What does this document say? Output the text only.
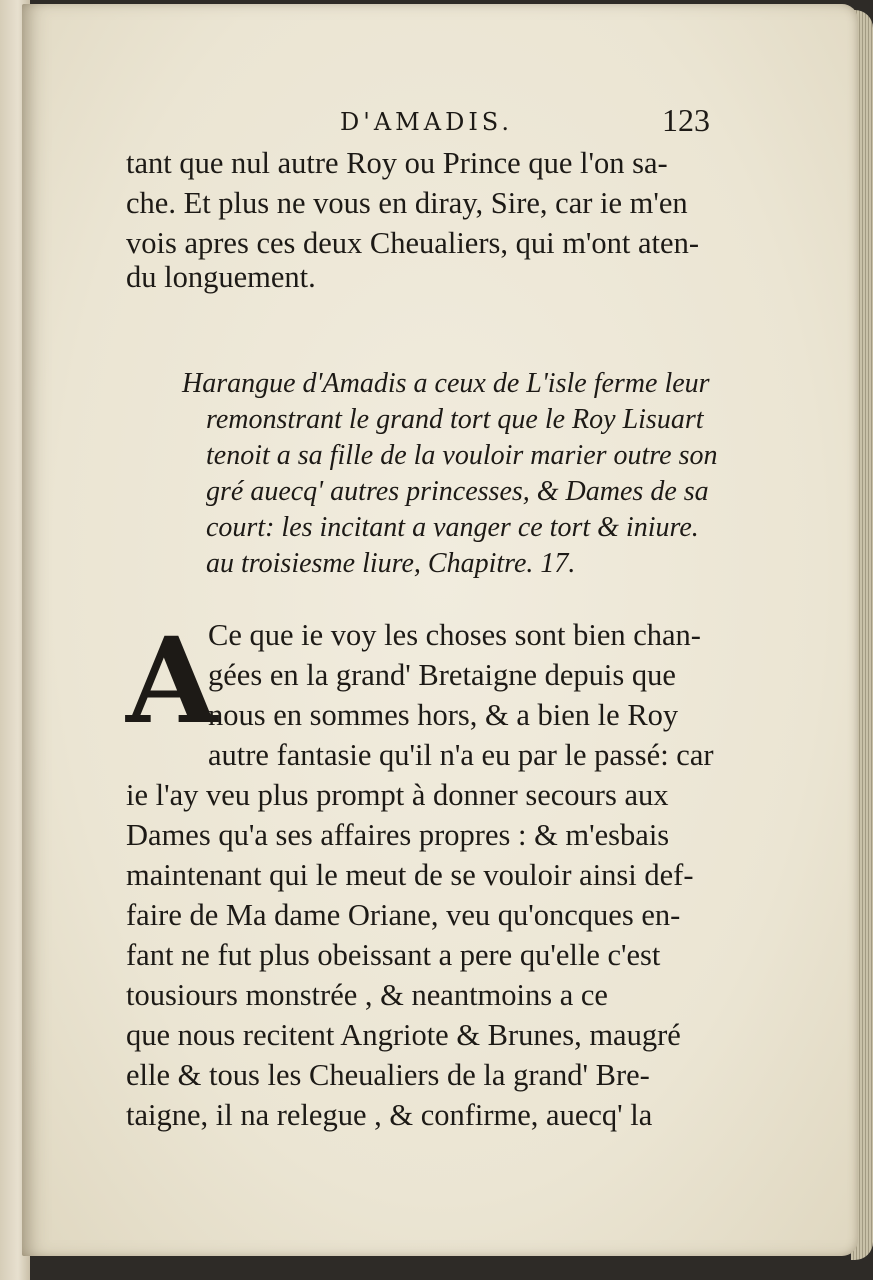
D'AMADIS.	123
tant que nul autre Roy ou Prince que l'on sa-
che. Et plus ne vous en diray, Sire, car ie m'en
vois apres ces deux Cheualiers, qui m'ont aten-
du longuement.
Harangue d'Amadis a ceux de L'isle ferme leur
remonstrant le grand tort que le Roy Lisuart
tenoit a sa fille de la vouloir marier outre son
gré auecq' autres princesses, & Dames de sa
court: les incitant a vanger ce tort & iniure.
au troisiesme liure, Chapitre. 17.
A
Ce que ie voy les choses sont bien chan-
gées en la grand' Bretaigne depuis que
nous en sommes hors, & a bien le Roy
autre fantasie qu'il n'a eu par le passé: car
ie l'ay veu plus prompt à donner secours aux
Dames qu'a ses affaires propres : & m'esbais
maintenant qui le meut de se vouloir ainsi def-
faire de Ma dame Oriane, veu qu'oncques en-
fant ne fut plus obeissant a pere qu'elle c'est
tousiours monstrée , & neantmoins a ce
que nous recitent Angriote & Brunes, maugré
elle & tous les Cheualiers de la grand' Bre-
taigne, il na relegue , & confirme, auecq' la
